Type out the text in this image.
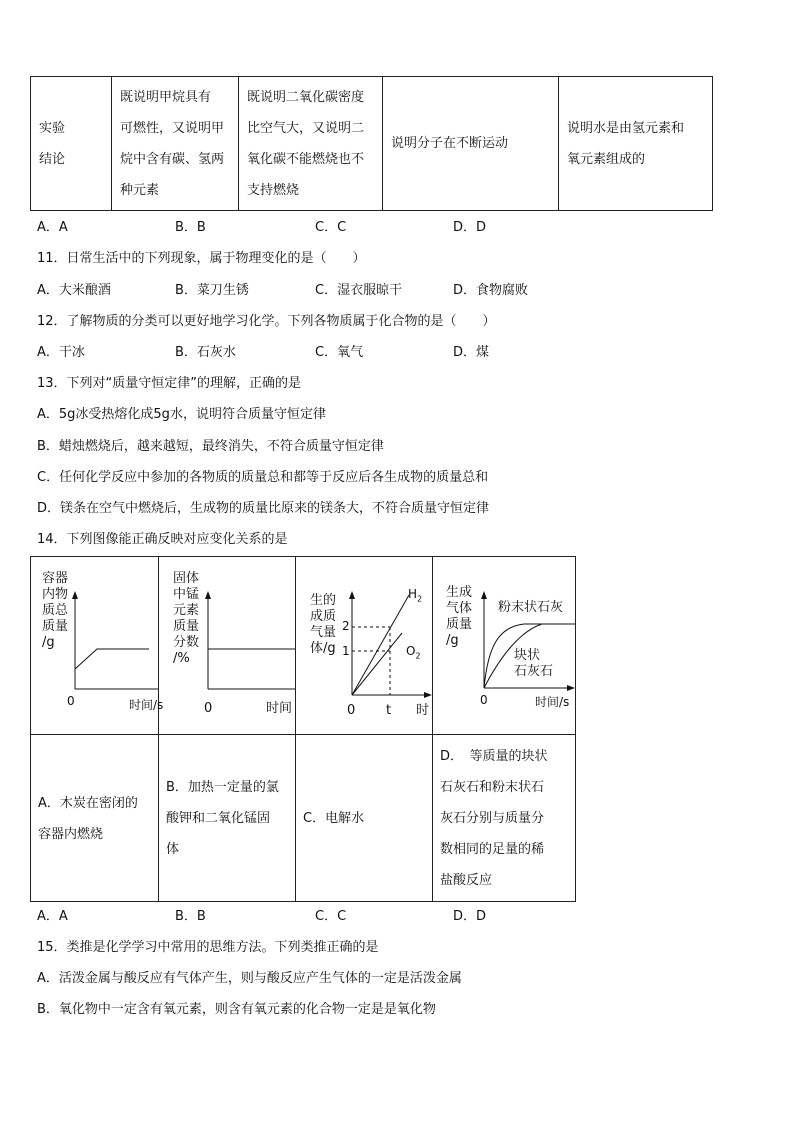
实验
结论

既说明甲烷具有
可燃性，又说明甲
烷中含有碳、氢两
种元素

既说明二氧化碳密度
比空气大，又说明二
氧化碳不能燃烧也不
支持燃烧

说明分子在不断运动

说明水是由氢元素和
氧元素组成的
A．A	B．B	C．C	D．D
11．日常生活中的下列现象，属于物理变化的是（　　）
A．大米酿酒	B．菜刀生锈	C．湿衣服晾干	D．食物腐败
12．了解物质的分类可以更好地学习化学。下列各物质属于化合物的是（　　）
A．干冰	B．石灰水	C．氧气	D．煤
13．下列对“质量守恒定律”的理解，正确的是
A．5g冰受热熔化成5g水，说明符合质量守恒定律
B．蜡烛燃烧后，越来越短，最终消失，不符合质量守恒定律
C．任何化学反应中参加的各物质的质量总和都等于反应后各生成物的质量总和
D．镁条在空气中燃烧后，生成物的质量比原来的镁条大，不符合质量守恒定律
14．下列图像能正确反映对应变化关系的是
容器
内物
质总
质量
/g
0	时间/s
固体
中锰
元素
质量
分数
/%
0	时间
生的
成质
气量
体/g
$H_2$
$O_2$
2
1
0 t 时
生成
气体
质量
/g
粉末状石灰
块状
石灰石
0	时间/s
A．木炭在密闭的
容器内燃烧
B．加热一定量的氯
酸钾和二氧化锰固
体
C．电解水
D．　等质量的块状
石灰石和粉末状石
灰石分别与质量分
数相同的足量的稀
盐酸反应
A．A	B．B	C．C	D．D
15．类推是化学学习中常用的思维方法。下列类推正确的是
A．活泼金属与酸反应有气体产生，则与酸反应产生气体的一定是活泼金属
B．氧化物中一定含有氧元素，则含有氧元素的化合物一定是是氧化物
